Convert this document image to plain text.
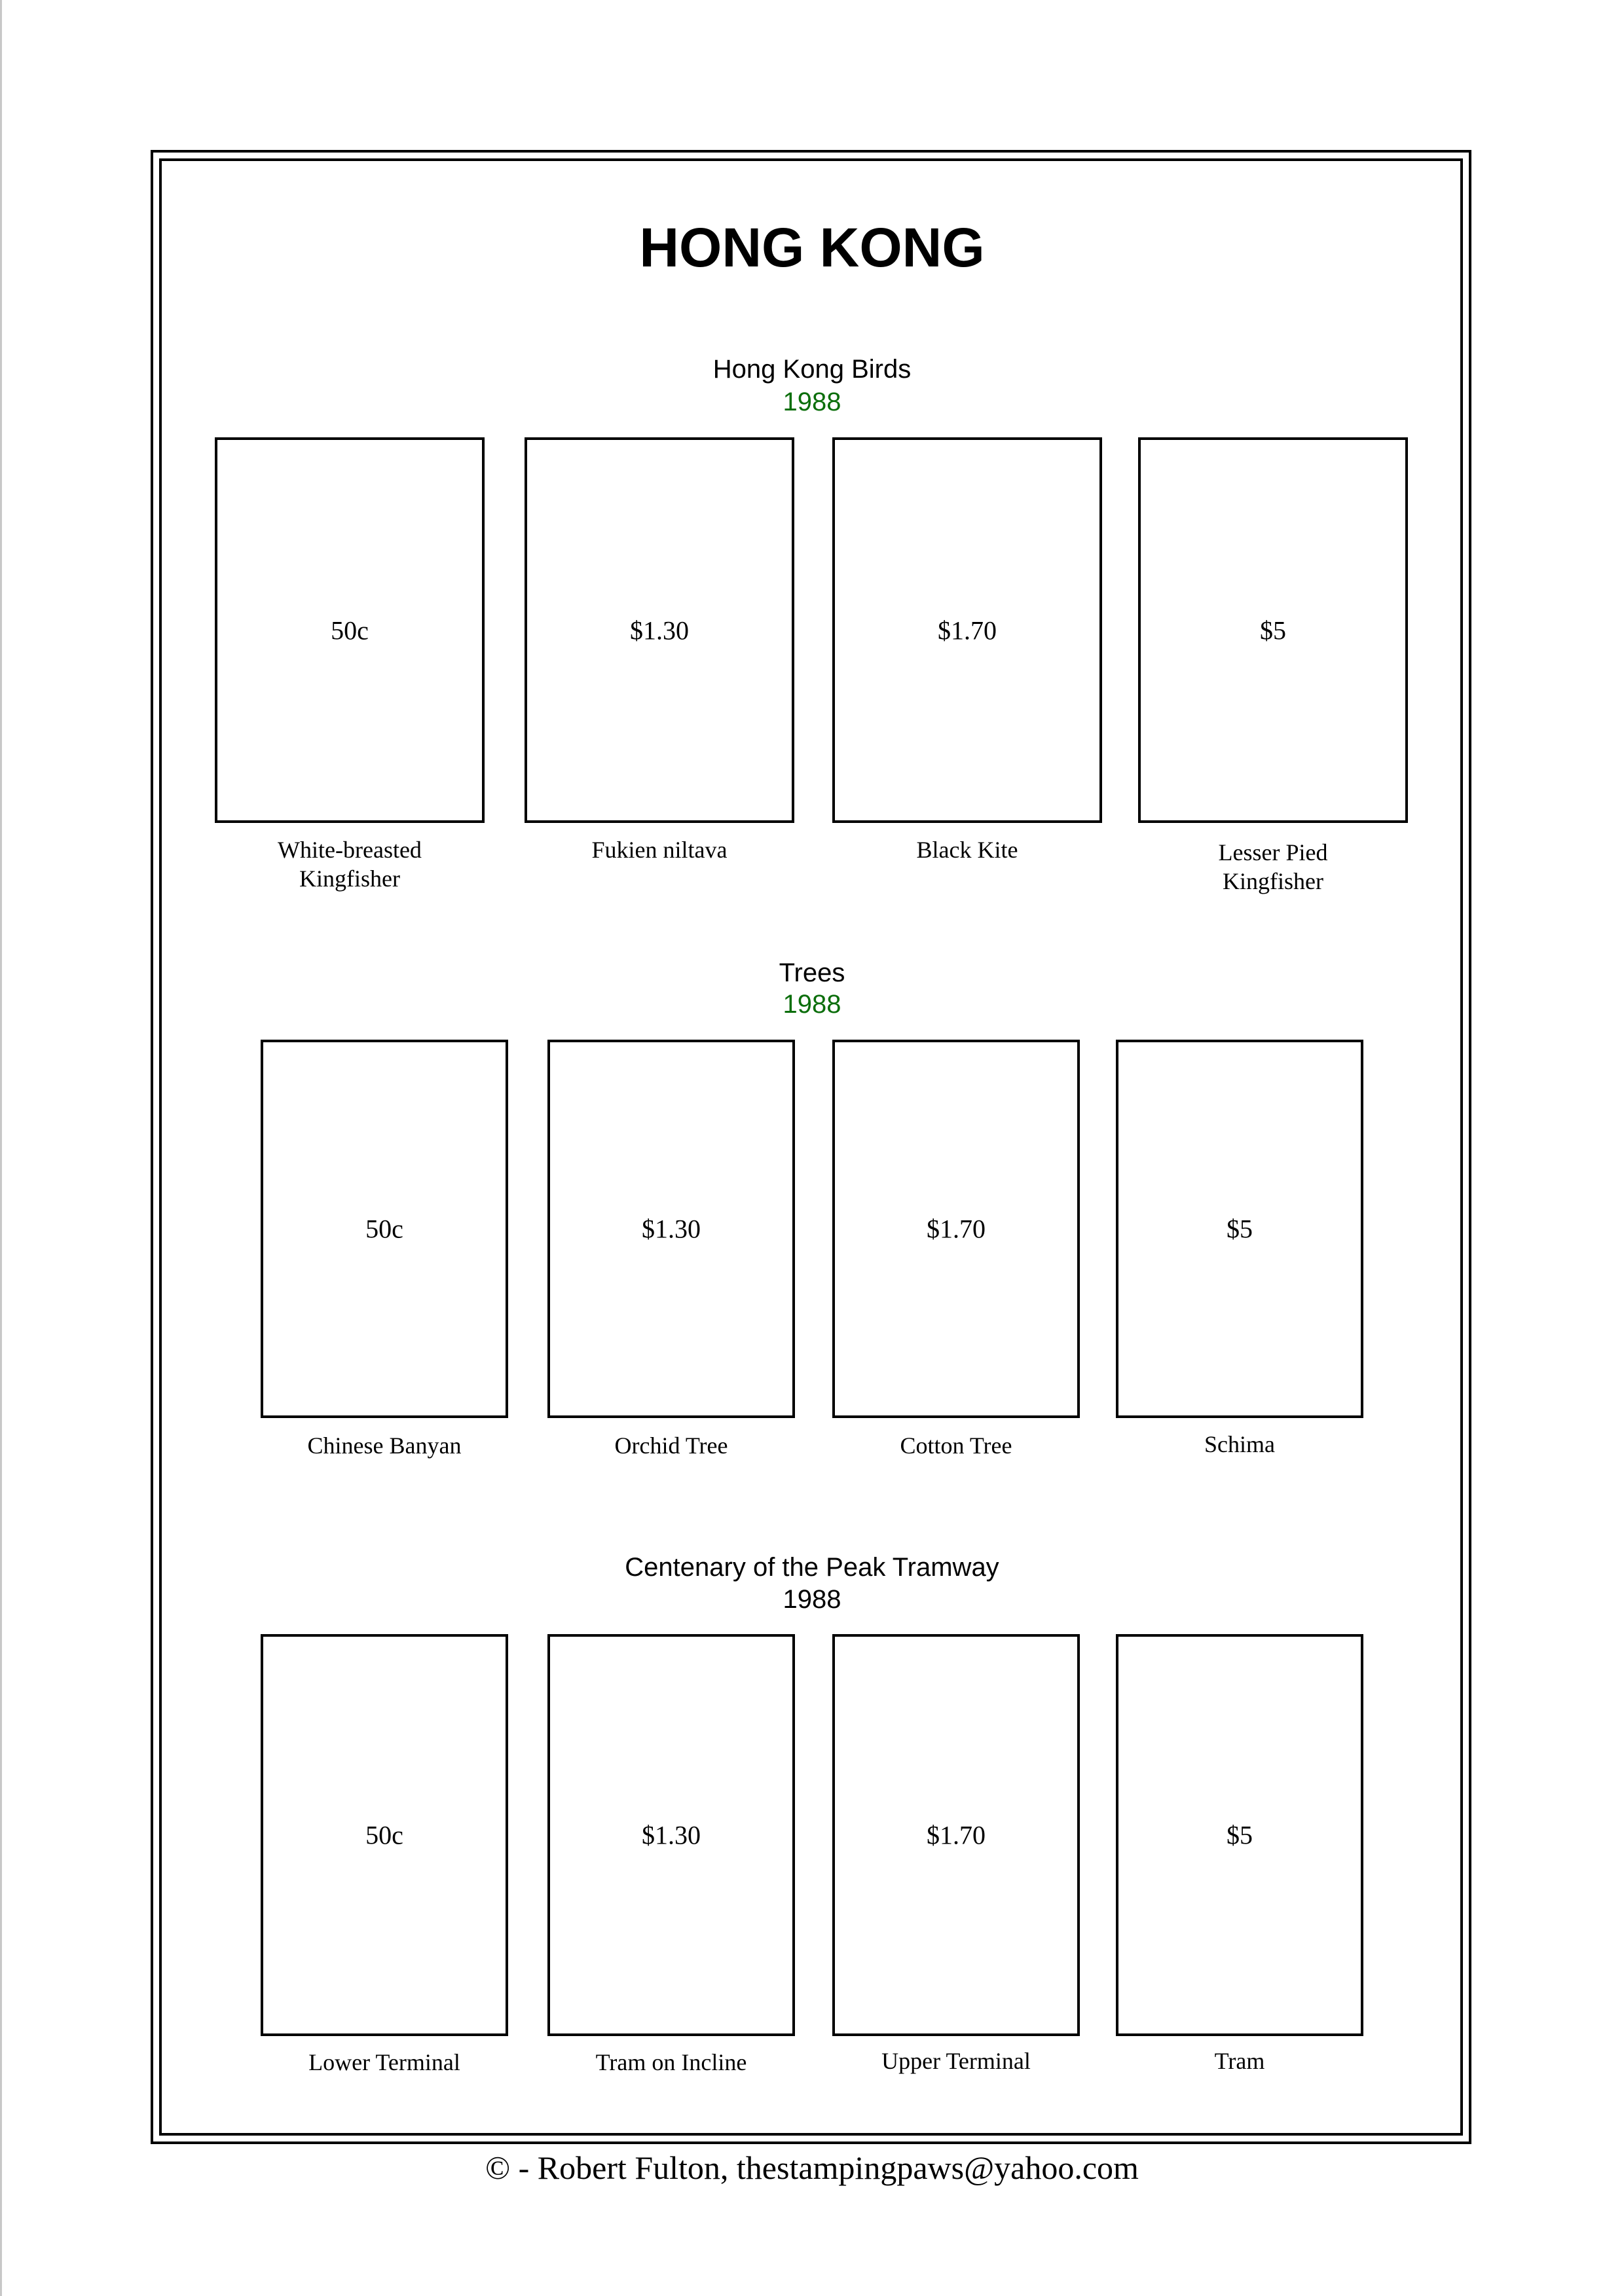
HONG KONG
Hong Kong Birds
1988
50c	$1.30	$1.70	$5
White-breasted
Kingfisher
Fukien niltava	Black Kite	Lesser Pied
Kingfisher
Trees
1988
50c	$1.30	$1.70	$5
Chinese Banyan	Orchid Tree	Cotton Tree	Schima
Centenary of the Peak Tramway
1988
50c	$1.30	$1.70	$5
Lower Terminal	Tram on Incline	Upper Terminal	Tram
© - Robert Fulton, thestampingpaws@yahoo.com
